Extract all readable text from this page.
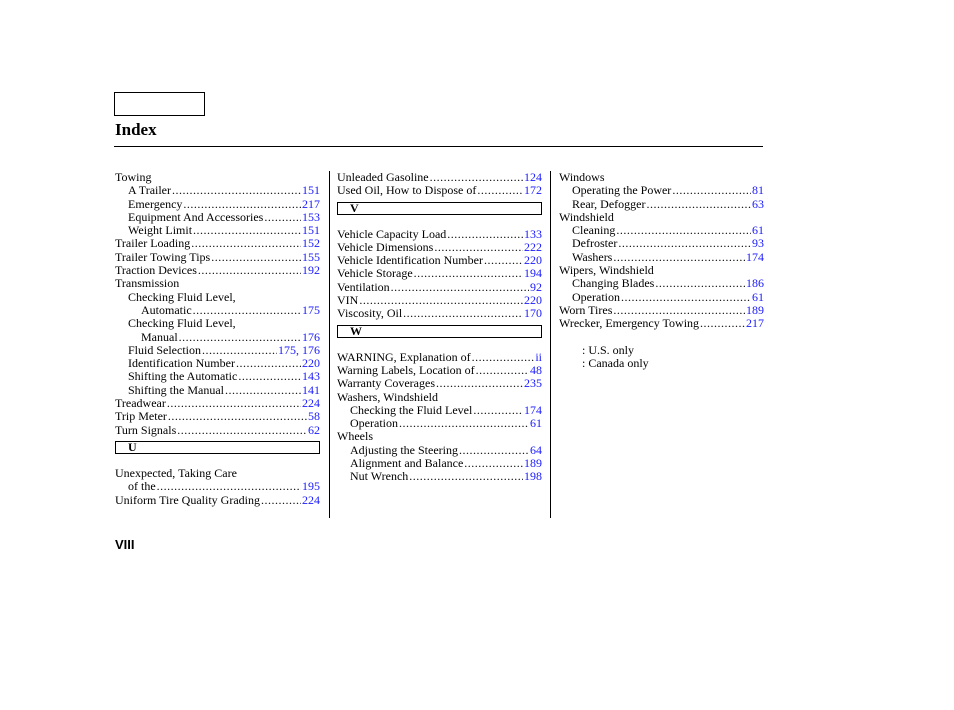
Index
Towing
A Trailer .....	151
Emergency .....	217
Equipment And Accessories .....	153
Weight Limit .....	151
Trailer Loading .....	152
Trailer Towing Tips .....	155
Traction Devices .....	192
Transmission
Checking Fluid Level,
Automatic .....	175
Checking Fluid Level,
Manual .....	176
Fluid Selection .....	175, 176
Identification Number .....	220
Shifting the Automatic .....	143
Shifting the Manual .....	141
Treadwear .....	224
Trip Meter .....	58
Turn Signals .....	62
U
Unexpected, Taking Care
of the .....	195
Uniform Tire Quality Grading .....	224
Unleaded Gasoline .....	124
Used Oil, How to Dispose of .....	172
V
Vehicle Capacity Load .....	133
Vehicle Dimensions .....	222
Vehicle Identification Number .....	220
Vehicle Storage .....	194
Ventilation .....	92
VIN .....	220
Viscosity, Oil .....	170
W
WARNING, Explanation of .....	ii
Warning Labels, Location of .....	48
Warranty Coverages .....	235
Washers, Windshield
Checking the Fluid Level .....	174
Operation .....	61
Wheels
Adjusting the Steering .....	64
Alignment and Balance .....	189
Nut Wrench .....	198
Windows
Operating the Power .....	81
Rear, Defogger .....	63
Windshield
Cleaning .....	61
Defroster .....	93
Washers .....	174
Wipers, Windshield
Changing Blades .....	186
Operation .....	61
Worn Tires .....	189
Wrecker, Emergency Towing .....	217
: U.S. only
: Canada only
VIII
